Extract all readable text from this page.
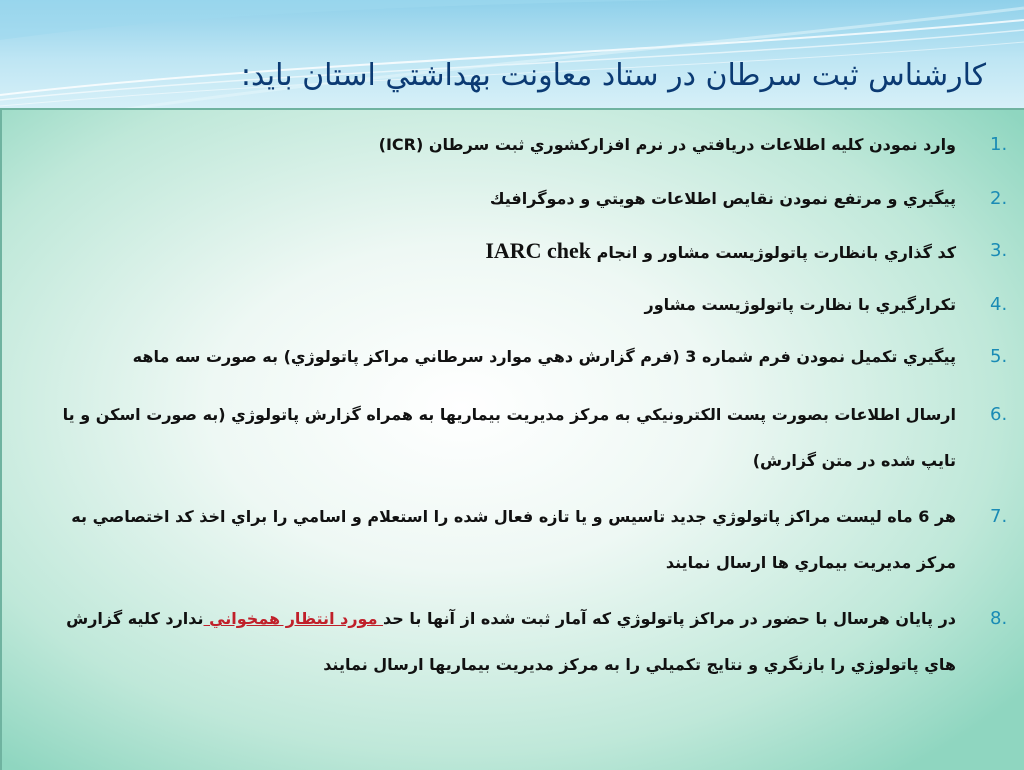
کارشناس ثبت سرطان در ستاد معاونت بهداشتي استان بايد:
1.
وارد نمودن كليه اطلاعات دريافتي در نرم افزاركشوري ثبت سرطان (ICR)
2.
پيگيري و مرتفع نمودن نقايص اطلاعات هويتي و دموگرافيك
3.
كد گذاري بانظارت پاتولوژيست مشاور و انجام IARC chek
4.
تكرارگيري با نظارت پاتولوژيست مشاور
5.
پيگيري تكميل نمودن فرم شماره 3 (فرم گزارش دهي موارد سرطاني مراكز پاتولوژي) به صورت سه ماهه
6.
ارسال اطلاعات بصورت پست الكترونيكي به مركز مديريت بيماريها به همراه گزارش پاتولوژي (به صورت اسكن و يا تايپ شده در متن گزارش)
7.
هر 6 ماه ليست مراكز پاتولوژي جديد تاسيس و يا تازه فعال شده را استعلام و اسامي را براي اخذ كد اختصاصي به مركز مديريت بيماري ها ارسال نمايند
8.
در پايان هرسال با حضور در مراكز پاتولوژي كه آمار ثبت شده از آنها با حد مورد انتظار همخواني ندارد كليه گزارش هاي پاتولوژي را بازنگري و نتايج تكميلي را به مركز مديريت بيماريها ارسال نمايند
